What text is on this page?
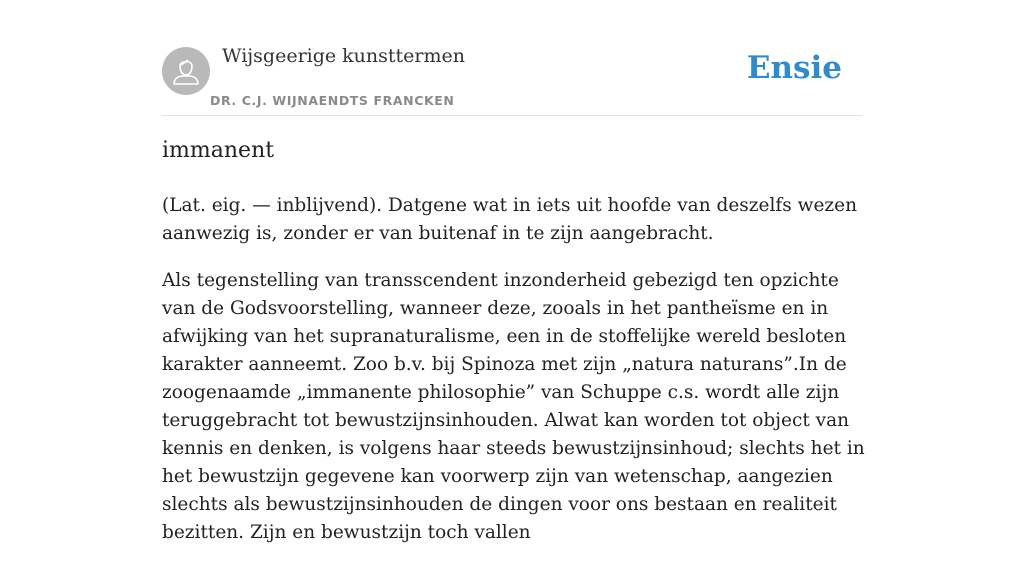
Wijsgeerige kunsttermen
DR. C.J. WIJNAENDTS FRANCKEN
Ensie
immanent

(Lat. eig. — inblijvend). Datgene wat in iets uit hoofde van deszelfs wezen aanwezig is, zonder er van buitenaf in te zijn aangebracht.

Als tegenstelling van transscendent inzonderheid gebezigd ten opzichte van de Godsvoorstelling, wanneer deze, zooals in het pantheïsme en in afwijking van het supranaturalisme, een in de stoffelijke wereld besloten karakter aanneemt. Zoo b.v. bij Spinoza met zijn „natura naturans”.In de zoogenaamde „immanente philosophie” van Schuppe c.s. wordt alle zijn teruggebracht tot bewustzijnsinhouden. Alwat kan worden tot object van kennis en denken, is volgens haar steeds bewustzijnsinhoud; slechts het in het bewustzijn gegevene kan voorwerp zijn van wetenschap, aangezien slechts als bewustzijnsinhouden de dingen voor ons bestaan en realiteit bezitten. Zijn en bewustzijn toch vallen
